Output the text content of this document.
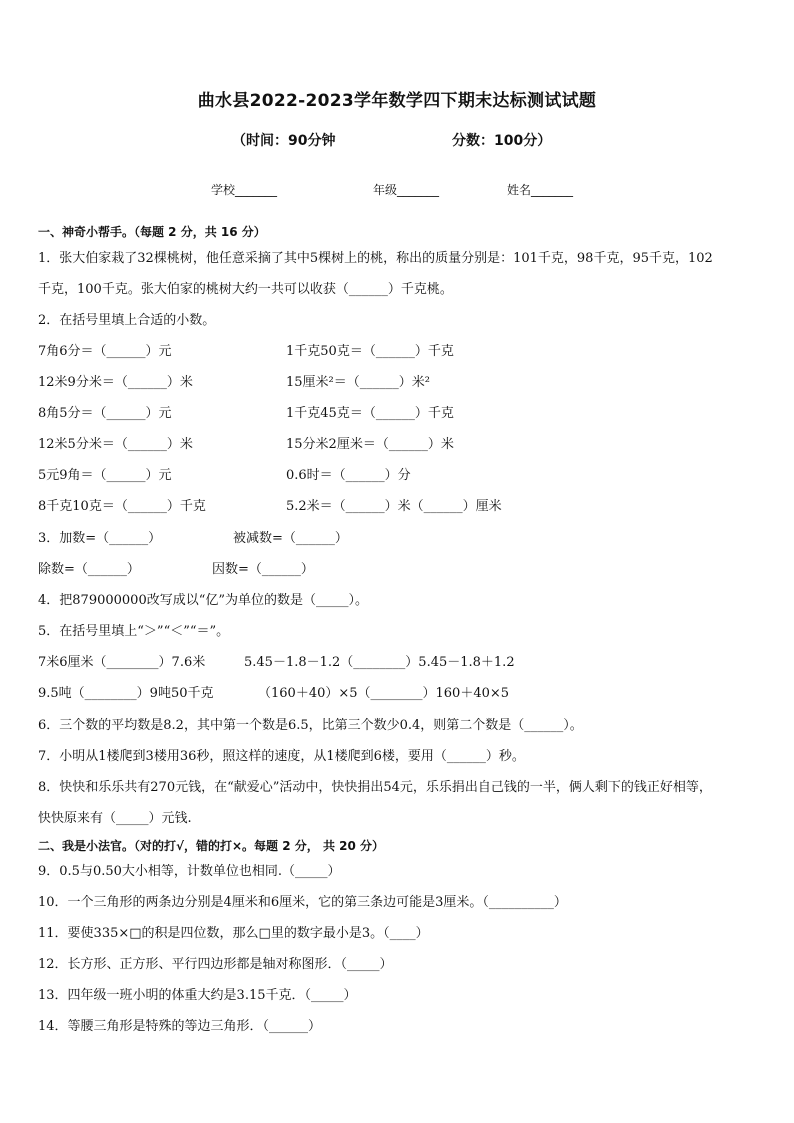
曲水县2022-2023学年数学四下期末达标测试试题
（时间：90分钟	分数：100分）
学校_______	年级_______	姓名_______
一、神奇小帮手。（每题 2 分，共 16 分）
1．张大伯家栽了32棵桃树，他任意采摘了其中5棵树上的桃，称出的质量分别是：101千克，98千克，95千克，102
千克，100千克。张大伯家的桃树大约一共可以收获（______）千克桃。
2．在括号里填上合适的小数。
7角6分＝（______）元	1千克50克＝（______）千克
12米9分米＝（______）米	15厘米²＝（______）米²
8角5分＝（______）元	1千克45克＝（______）千克
12米5分米＝（______）米	15分米2厘米＝（______）米
5元9角＝（______）元	0.6时＝（______）分
8千克10克＝（______）千克	5.2米＝（______）米（______）厘米
3．加数=（______）	被减数=（______）
除数=（______）	因数=（______）
4．把879000000改写成以“亿”为单位的数是（_____）。
5．在括号里填上“＞”“＜”“＝”。
7米6厘米（________）7.6米	5.45－1.8－1.2（________）5.45－1.8＋1.2
9.5吨（________）9吨50千克	（160＋40）×5（________）160＋40×5
6．三个数的平均数是8.2，其中第一个数是6.5，比第三个数少0.4，则第二个数是（______）。
7．小明从1楼爬到3楼用36秒，照这样的速度，从1楼爬到6楼，要用（______）秒。
8．快快和乐乐共有270元钱，在“献爱心”活动中，快快捐出54元，乐乐捐出自己钱的一半，俩人剩下的钱正好相等，
快快原来有（_____）元钱.
二、我是小法官。（对的打√，错的打×。每题 2 分， 共 20 分）
9．0.5与0.50大小相等，计数单位也相同.（_____）
10．一个三角形的两条边分别是4厘米和6厘米，它的第三条边可能是3厘米。（__________）
11．要使335×□的积是四位数，那么□里的数字最小是3。（____）
12．长方形、正方形、平行四边形都是轴对称图形．（_____）
13．四年级一班小明的体重大约是3.15千克．（_____）
14．等腰三角形是特殊的等边三角形．（______）
